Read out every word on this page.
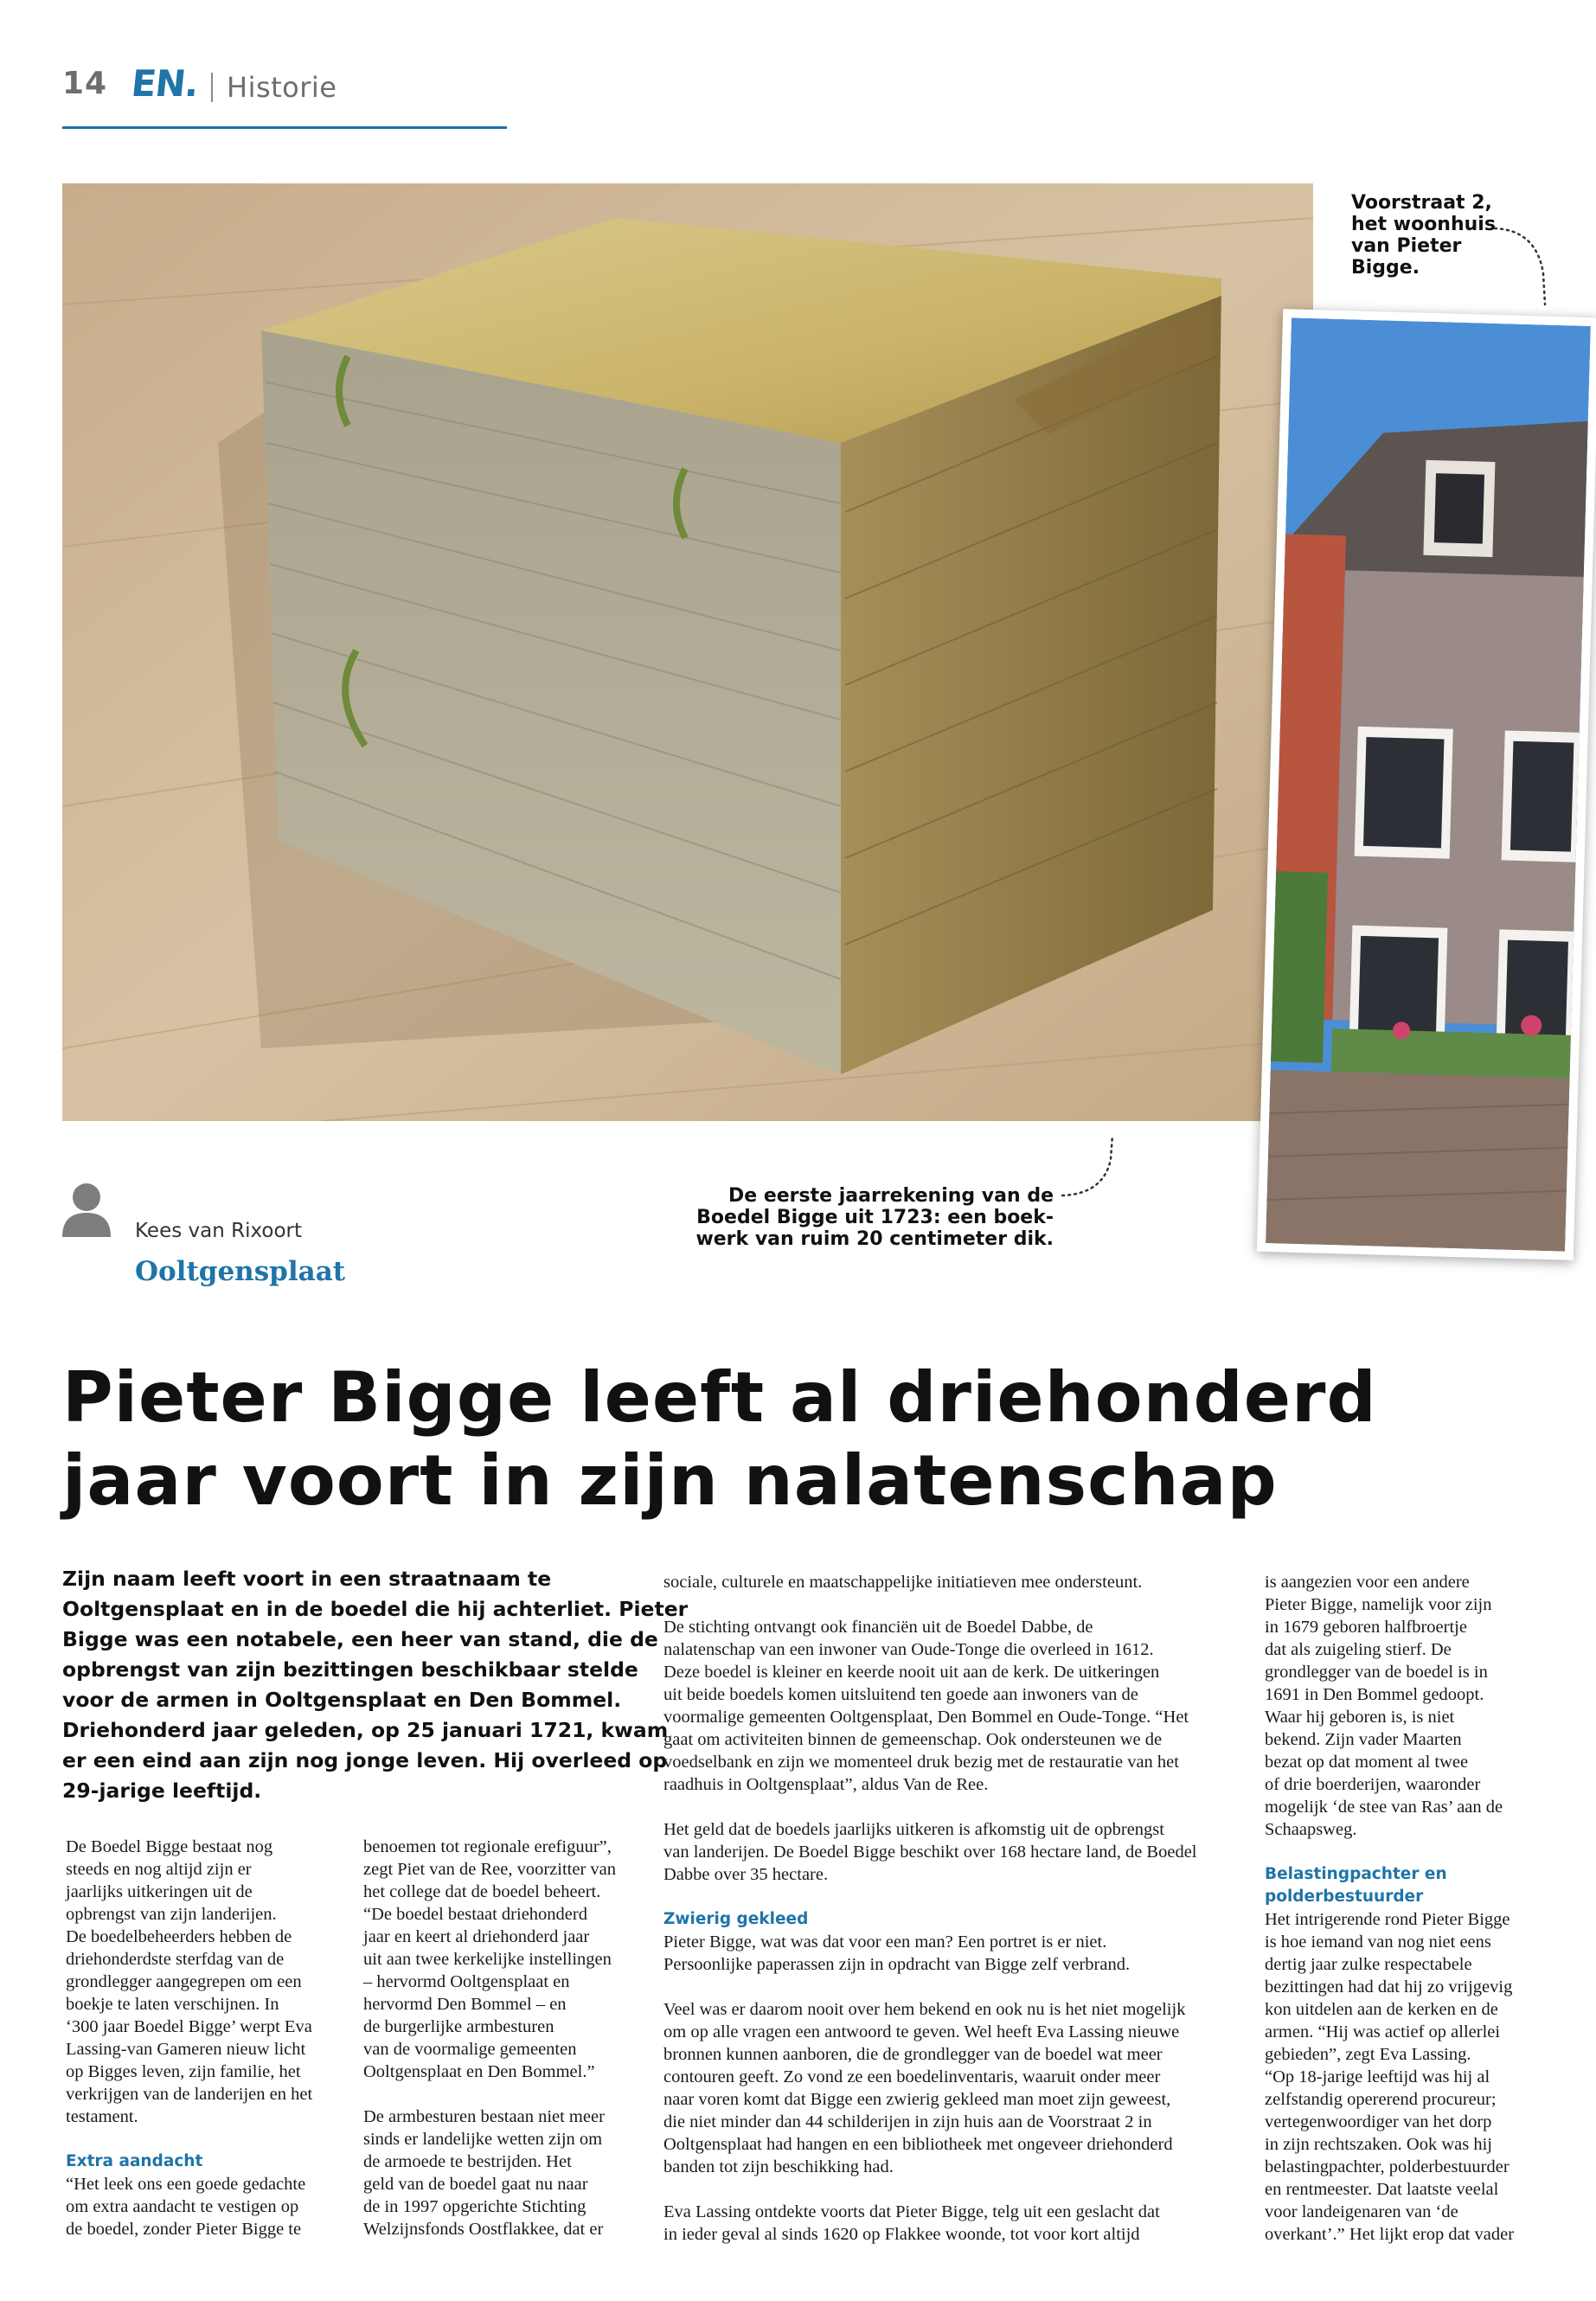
14 EN. Historie
Voorstraat 2,
het woonhuis
van Pieter
Bigge.
De eerste jaarrekening van de
Boedel Bigge uit 1723: een boek-
werk van ruim 20 centimeter dik.
Kees van Rixoort
Ooltgensplaat
Pieter Bigge leeft al driehonderd
jaar voort in zijn nalatenschap
Zijn naam leeft voort in een straatnaam te
Ooltgensplaat en in de boedel die hij achterliet. Pieter
Bigge was een notabele, een heer van stand, die de
opbrengst van zijn bezittingen beschikbaar stelde
voor de armen in Ooltgensplaat en Den Bommel.
Driehonderd jaar geleden, op 25 januari 1721, kwam
er een eind aan zijn nog jonge leven. Hij overleed op
29-jarige leeftijd.
De Boedel Bigge bestaat nog
steeds en nog altijd zijn er
jaarlijks uitkeringen uit de
opbrengst van zijn landerijen.
De boedelbeheerders hebben de
driehonderdste sterfdag van de
grondlegger aangegrepen om een
boekje te laten verschijnen. In
‘300 jaar Boedel Bigge’ werpt Eva
Lassing-van Gameren nieuw licht
op Bigges leven, zijn familie, het
verkrijgen van de landerijen en het
testament.
Extra aandacht
“Het leek ons een goede gedachte
om extra aandacht te vestigen op
de boedel, zonder Pieter Bigge te
benoemen tot regionale erefiguur”,
zegt Piet van de Ree, voorzitter van
het college dat de boedel beheert.
“De boedel bestaat driehonderd
jaar en keert al driehonderd jaar
uit aan twee kerkelijke instellingen
– hervormd Ooltgensplaat en
hervormd Den Bommel – en
de burgerlijke armbesturen
van de voormalige gemeenten
Ooltgensplaat en Den Bommel.”
De armbesturen bestaan niet meer
sinds er landelijke wetten zijn om
de armoede te bestrijden. Het
geld van de boedel gaat nu naar
de in 1997 opgerichte Stichting
Welzijnsfonds Oostflakkee, dat er
sociale, culturele en maatschappelijke initiatieven mee ondersteunt.
De stichting ontvangt ook financiën uit de Boedel Dabbe, de
nalatenschap van een inwoner van Oude-Tonge die overleed in 1612.
Deze boedel is kleiner en keerde nooit uit aan de kerk. De uitkeringen
uit beide boedels komen uitsluitend ten goede aan inwoners van de
voormalige gemeenten Ooltgensplaat, Den Bommel en Oude-Tonge. “Het
gaat om activiteiten binnen de gemeenschap. Ook ondersteunen we de
voedselbank en zijn we momenteel druk bezig met de restauratie van het
raadhuis in Ooltgensplaat”, aldus Van de Ree.
Het geld dat de boedels jaarlijks uitkeren is afkomstig uit de opbrengst
van landerijen. De Boedel Bigge beschikt over 168 hectare land, de Boedel
Dabbe over 35 hectare.
Zwierig gekleed
Pieter Bigge, wat was dat voor een man? Een portret is er niet.
Persoonlijke paperassen zijn in opdracht van Bigge zelf verbrand.
Veel was er daarom nooit over hem bekend en ook nu is het niet mogelijk
om op alle vragen een antwoord te geven. Wel heeft Eva Lassing nieuwe
bronnen kunnen aanboren, die de grondlegger van de boedel wat meer
contouren geeft. Zo vond ze een boedelinventaris, waaruit onder meer
naar voren komt dat Bigge een zwierig gekleed man moet zijn geweest,
die niet minder dan 44 schilderijen in zijn huis aan de Voorstraat 2 in
Ooltgensplaat had hangen en een bibliotheek met ongeveer driehonderd
banden tot zijn beschikking had.
Eva Lassing ontdekte voorts dat Pieter Bigge, telg uit een geslacht dat
in ieder geval al sinds 1620 op Flakkee woonde, tot voor kort altijd
is aangezien voor een andere
Pieter Bigge, namelijk voor zijn
in 1679 geboren halfbroertje
dat als zuigeling stierf. De
grondlegger van de boedel is in
1691 in Den Bommel gedoopt.
Waar hij geboren is, is niet
bekend. Zijn vader Maarten
bezat op dat moment al twee
of drie boerderijen, waaronder
mogelijk ‘de stee van Ras’ aan de
Schaapsweg.
Belastingpachter en
polderbestuurder
Het intrigerende rond Pieter Bigge
is hoe iemand van nog niet eens
dertig jaar zulke respectabele
bezittingen had dat hij zo vrijgevig
kon uitdelen aan de kerken en de
armen. “Hij was actief op allerlei
gebieden”, zegt Eva Lassing.
“Op 18-jarige leeftijd was hij al
zelfstandig opererend procureur;
vertegenwoordiger van het dorp
in zijn rechtszaken. Ook was hij
belastingpachter, polderbestuurder
en rentmeester. Dat laatste veelal
voor landeigenaren van ‘de
overkant’.” Het lijkt erop dat vader
